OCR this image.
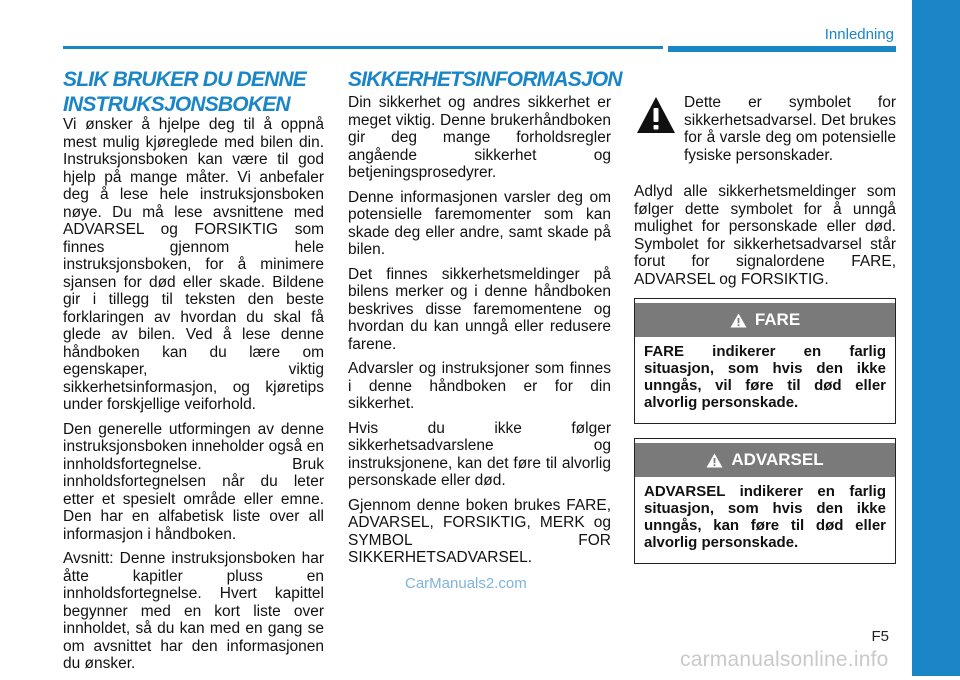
Innledning
SLIK BRUKER DU DENNE
INSTRUKSJONSBOKEN

Vi ønsker å hjelpe deg til å oppnå mest mulig kjøreglede med bilen din. Instruksjonsboken kan være til god hjelp på mange måter. Vi anbefaler deg å lese hele instruksjonsboken nøye. Du må lese avsnittene med ADVARSEL og FORSIKTIG som finnes gjennom hele instruksjonsboken, for å minimere sjansen for død eller skade. Bildene gir i tillegg til teksten den beste forklaringen av hvordan du skal få glede av bilen. Ved å lese denne håndboken kan du lære om egenskaper, viktig sikkerhetsinformasjon, og kjøretips under forskjellige veiforhold.

Den generelle utformingen av denne instruksjonsboken inneholder også en innholdsfortegnelse. Bruk innholdsfortegnelsen når du leter etter et spesielt område eller emne. Den har en alfabetisk liste over all informasjon i håndboken.

Avsnitt: Denne instruksjonsboken har åtte kapitler pluss en innholdsfortegnelse. Hvert kapittel begynner med en kort liste over innholdet, så du kan med en gang se om avsnittet har den informasjonen du ønsker.

SIKKERHETSINFORMASJON

Din sikkerhet og andres sikkerhet er meget viktig. Denne brukerhåndboken gir deg mange forholdsregler angående sikkerhet og betjeningsprosedyrer.

Denne informasjonen varsler deg om potensielle faremomenter som kan skade deg eller andre, samt skade på bilen.

Det finnes sikkerhetsmeldinger på bilens merker og i denne håndboken beskrives disse faremomentene og hvordan du kan unngå eller redusere farene.

Advarsler og instruksjoner som finnes i denne håndboken er for din sikkerhet.

Hvis du ikke følger sikkerhetsadvarslene og instruksjonene, kan det føre til alvorlig personskade eller død.

Gjennom denne boken brukes FARE, ADVARSEL, FORSIKTIG, MERK og SYMBOL FOR SIKKERHETSADVARSEL.

Dette er symbolet for sikkerhetsadvarsel. Det brukes for å varsle deg om potensielle fysiske personskader.

Adlyd alle sikkerhetsmeldinger som følger dette symbolet for å unngå mulighet for personskade eller død. Symbolet for sikkerhetsadvarsel står forut for signalordene FARE, ADVARSEL og FORSIKTIG.

FARE
FARE indikerer en farlig situasjon, som hvis den ikke unngås, vil føre til død eller alvorlig personskade.
ADVARSEL
ADVARSEL indikerer en farlig situasjon, som hvis den ikke unngås, kan føre til død eller alvorlig personskade.
CarManuals2.com
F5
carmanualsonline.info
